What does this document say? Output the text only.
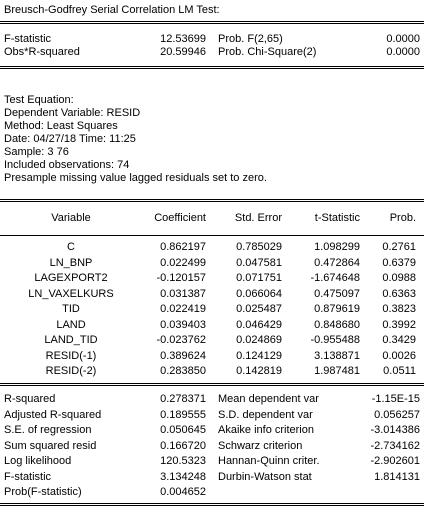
Breusch-Godfrey Serial Correlation LM Test:
F-statistic	12.53699 Prob. F(2,65)	0.0000
Obs*R-squared	20.59946 Prob. Chi-Square(2)	0.0000
Test Equation:
Dependent Variable: RESID
Method: Least Squares
Date: 04/27/18 Time: 11:25
Sample: 3 76
Included observations: 74
Presample missing value lagged residuals set to zero.
Variable	Coefficient	Std. Error	t-Statistic	Prob.
C	0.862197	0.785029	1.098299	0.2761
LN_BNP	0.022499	0.047581	0.472864	0.6379
LAGEXPORT2	-0.120157	0.071751	-1.674648	0.0988
LN_VAXELKURS	0.031387	0.066064	0.475097	0.6363
TID	0.022419	0.025487	0.879619	0.3823
LAND	0.039403	0.046429	0.848680	0.3992
LAND_TID	-0.023762	0.024869	-0.955488	0.3429
RESID(-1)	0.389624	0.124129	3.138871	0.0026
RESID(-2)	0.283850	0.142819	1.987481	0.0511
R-squared	0.278371 Mean dependent var	-1.15E-15
Adjusted R-squared	0.189555 S.D. dependent var	0.056257
S.E. of regression	0.050645 Akaike info criterion	-3.014386
Sum squared resid	0.166720 Schwarz criterion	-2.734162
Log likelihood	120.5323 Hannan-Quinn criter.	-2.902601
F-statistic	3.134248 Durbin-Watson stat	1.814131
Prob(F-statistic)	0.004652
